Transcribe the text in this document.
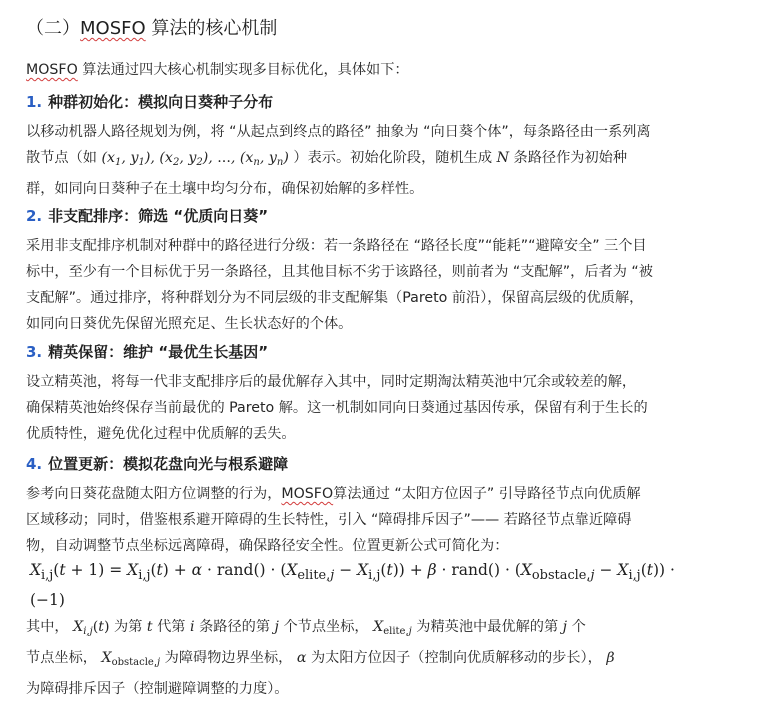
（二）MOSFO 算法的核心机制
MOSFO 算法通过四大核心机制实现多目标优化，具体如下：
1. 种群初始化：模拟向日葵种子分布
以移动机器人路径规划为例，将 “从起点到终点的路径” 抽象为 “向日葵个体”，每条路径由一系列离
散节点（如 ($x_1$, $y_1$), ($x_2$, $y_2$), ..., ($x_n$, $y_n$) ）表示。初始化阶段，随机生成 N 条路径作为初始种
群，如同向日葵种子在土壤中均匀分布，确保初始解的多样性。
2. 非支配排序：筛选 “优质向日葵”
采用非支配排序机制对种群中的路径进行分级：若一条路径在 “路径长度”“能耗”“避障安全” 三个目
标中，至少有一个目标优于另一条路径，且其他目标不劣于该路径，则前者为 “支配解”，后者为 “被
支配解”。通过排序，将种群划分为不同层级的非支配解集（Pareto 前沿），保留高层级的优质解，
如同向日葵优先保留光照充足、生长状态好的个体。
3. 精英保留：维护 “最优生长基因”
设立精英池，将每一代非支配排序后的最优解存入其中，同时定期淘汰精英池中冗余或较差的解，
确保精英池始终保存当前最优的 Pareto 解。这一机制如同向日葵通过基因传承，保留有利于生长的
优质特性，避免优化过程中优质解的丢失。
4. 位置更新：模拟花盘向光与根系避障
参考向日葵花盘随太阳方位调整的行为，MOSFO算法通过 “太阳方位因子” 引导路径节点向优质解
区域移动；同时，借鉴根系避开障碍的生长特性，引入 “障碍排斥因子”—— 若路径节点靠近障碍
物，自动调整节点坐标远离障碍，确保路径安全性。位置更新公式可简化为：
$X_{i,j}(t + 1) = X_{i,j}(t) + \alpha$ · rand() · $(X_{elite,j} - X_{i,j}(t)) + \beta$ · rand() · $(X_{obstacle,j} - X_{i,j}(t))$ ·
(−1)
其中， $X_{i,j}(t)$ 为第 t 代第 i 条路径的第 j 个节点坐标， $X_{elite,j}$ 为精英池中最优解的第 j 个
节点坐标， $X_{obstacle,j}$ 为障碍物边界坐标， α 为太阳方位因子（控制向优质解移动的步长）， β
为障碍排斥因子（控制避障调整的力度）。
